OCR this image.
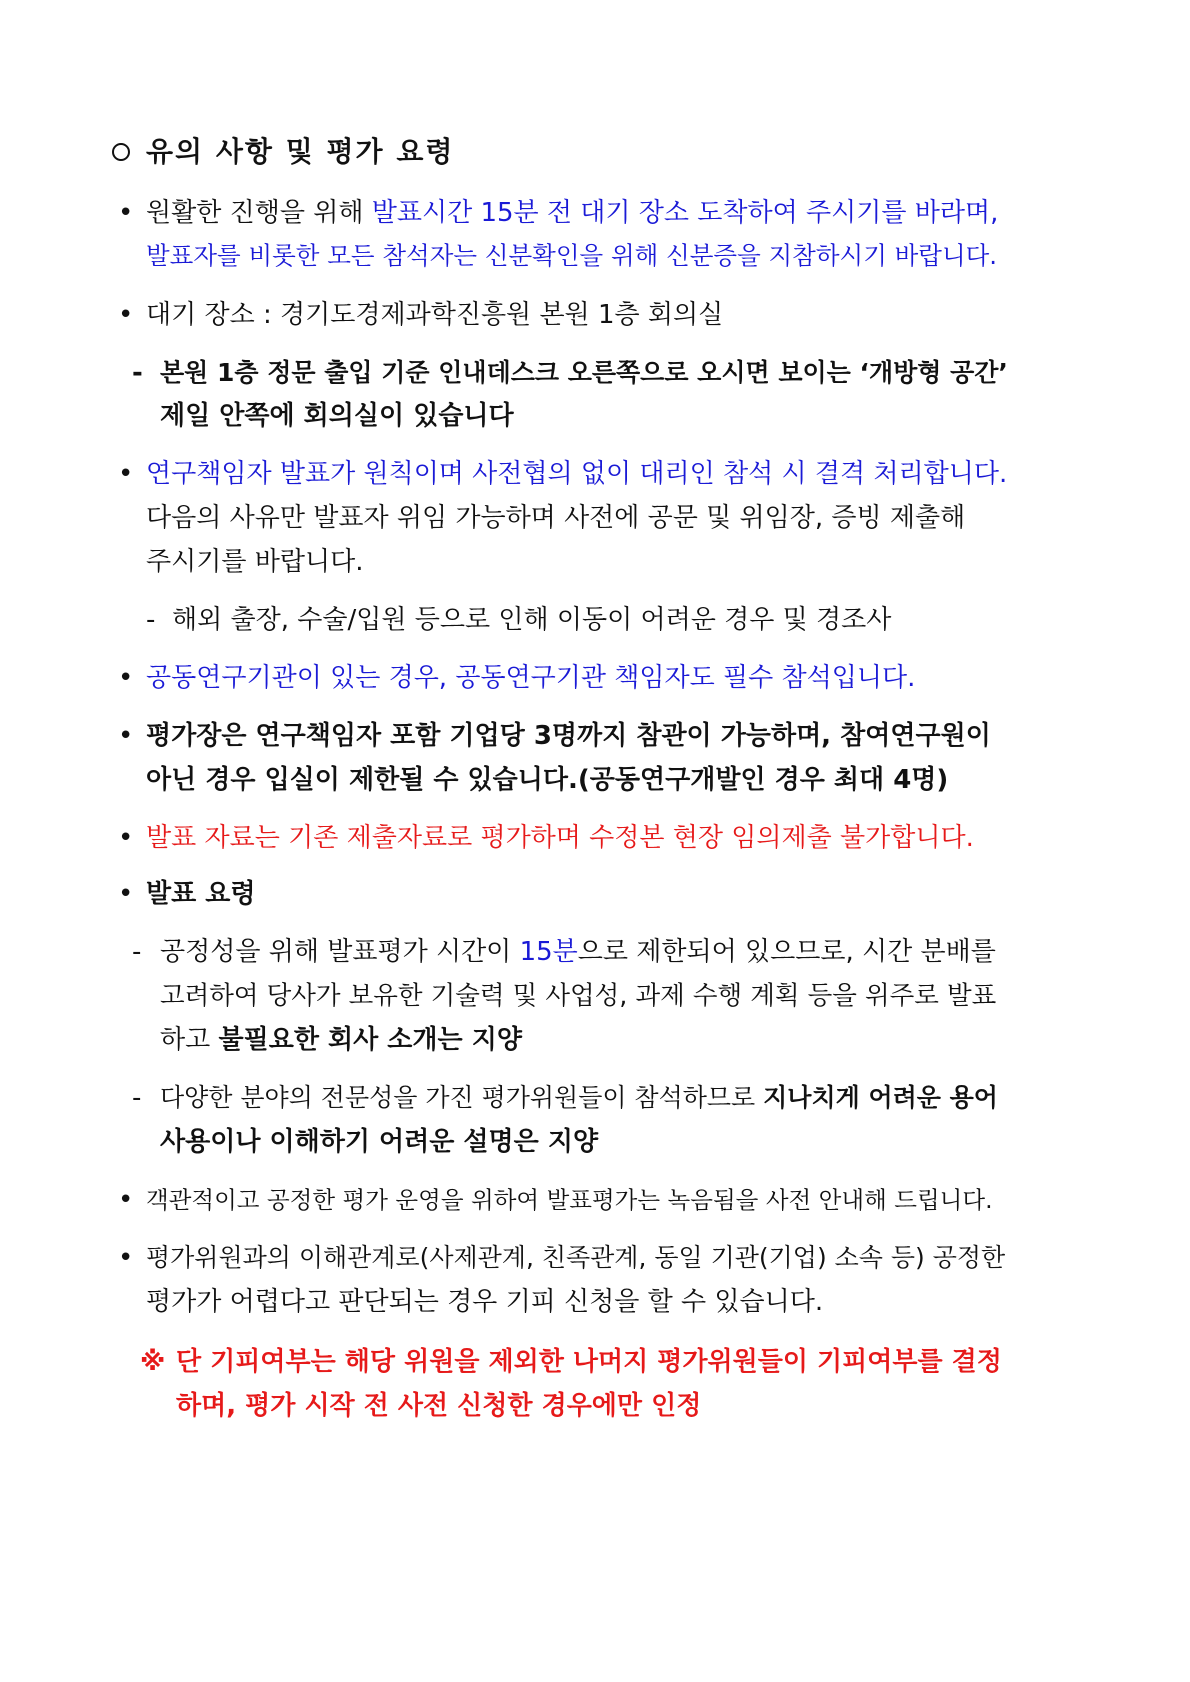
유의 사항 및 평가 요령
• 원활한 진행을 위해 발표시간 15분 전 대기 장소 도착하여 주시기를 바라며,
발표자를 비롯한 모든 참석자는 신분확인을 위해 신분증을 지참하시기 바랍니다.
• 대기 장소 : 경기도경제과학진흥원 본원 1층 회의실
- 본원 1층 정문 출입 기준 인내데스크 오른쪽으로 오시면 보이는 ‘개방형 공간’
제일 안쪽에 회의실이 있습니다
• 연구책임자 발표가 원칙이며 사전협의 없이 대리인 참석 시 결격 처리합니다.
다음의 사유만 발표자 위임 가능하며 사전에 공문 및 위임장, 증빙 제출해
주시기를 바랍니다.
- 해외 출장, 수술/입원 등으로 인해 이동이 어려운 경우 및 경조사
• 공동연구기관이 있는 경우, 공동연구기관 책임자도 필수 참석입니다.
• 평가장은 연구책임자 포함 기업당 3명까지 참관이 가능하며, 참여연구원이
아닌 경우 입실이 제한될 수 있습니다.(공동연구개발인 경우 최대 4명)
• 발표 자료는 기존 제출자료로 평가하며 수정본 현장 임의제출 불가합니다.
• 발표 요령
- 공정성을 위해 발표평가 시간이 15분으로 제한되어 있으므로, 시간 분배를
고려하여 당사가 보유한 기술력 및 사업성, 과제 수행 계획 등을 위주로 발표
하고 불필요한 회사 소개는 지양
- 다양한 분야의 전문성을 가진 평가위원들이 참석하므로 지나치게 어려운 용어
사용이나 이해하기 어려운 설명은 지양
• 객관적이고 공정한 평가 운영을 위하여 발표평가는 녹음됨을 사전 안내해 드립니다.
• 평가위원과의 이해관계로(사제관계, 친족관계, 동일 기관(기업) 소속 등) 공정한
평가가 어렵다고 판단되는 경우 기피 신청을 할 수 있습니다.
※ 단 기피여부는 해당 위원을 제외한 나머지 평가위원들이 기피여부를 결정
하며, 평가 시작 전 사전 신청한 경우에만 인정
